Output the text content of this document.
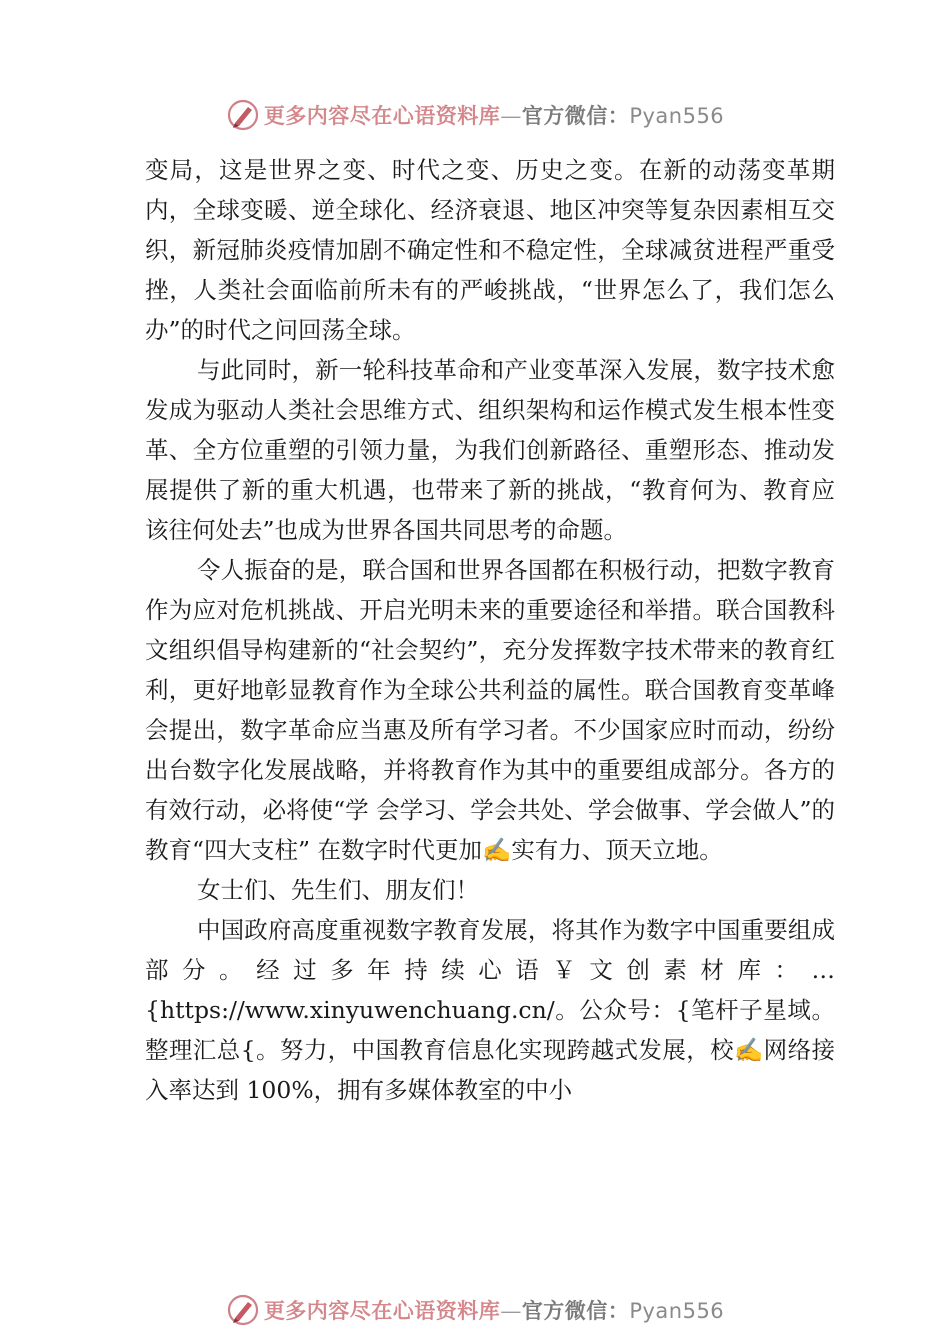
更多内容尽在心语资料库—官方微信：Pyan556

变局，这是世界之变、时代之变、历史之变。在新的动荡变革期内，全球变暖、逆全球化、经济衰退、地区冲突等复杂因素相互交织，新冠肺炎疫情加剧不确定性和不稳定性，全球减贫进程严重受挫，人类社会面临前所未有的严峻挑战，“世界怎么了，我们怎么办”的时代之问回荡全球。

与此同时，新一轮科技革命和产业变革深入发展，数字技术愈发成为驱动人类社会思维方式、组织架构和运作模式发生根本性变革、全方位重塑的引领力量，为我们创新路径、重塑形态、推动发展提供了新的重大机遇，也带来了新的挑战，“教育何为、教育应该往何处去”也成为世界各国共同思考的命题。

令人振奋的是，联合国和世界各国都在积极行动，把数字教育作为应对危机挑战、开启光明未来的重要途径和举措。联合国教科文组织倡导构建新的“社会契约”，充分发挥数字技术带来的教育红利，更好地彰显教育作为全球公共利益的属性。联合国教育变革峰会提出，数字革命应当惠及所有学习者。不少国家应时而动，纷纷出台数字化发展战略，并将教育作为其中的重要组成部分。各方的有效行动，必将使“学 会学习、学会共处、学会做事、学会做人”的教育“四大支柱” 在数字时代更加✍实有力、顶天立地。

女士们、先生们、朋友们！

中国政府高度重视数字教育发展，将其作为数字中国重要组成部分。经过多年持续心语￥文创素材库：…{https://www.xinyuwenchuang.cn/。公众号：{笔杆子星域。整理汇总{。努力，中国教育信息化实现跨越式发展，校✍网络接入率达到 100%，拥有多媒体教室的中小

更多内容尽在心语资料库—官方微信：Pyan556
